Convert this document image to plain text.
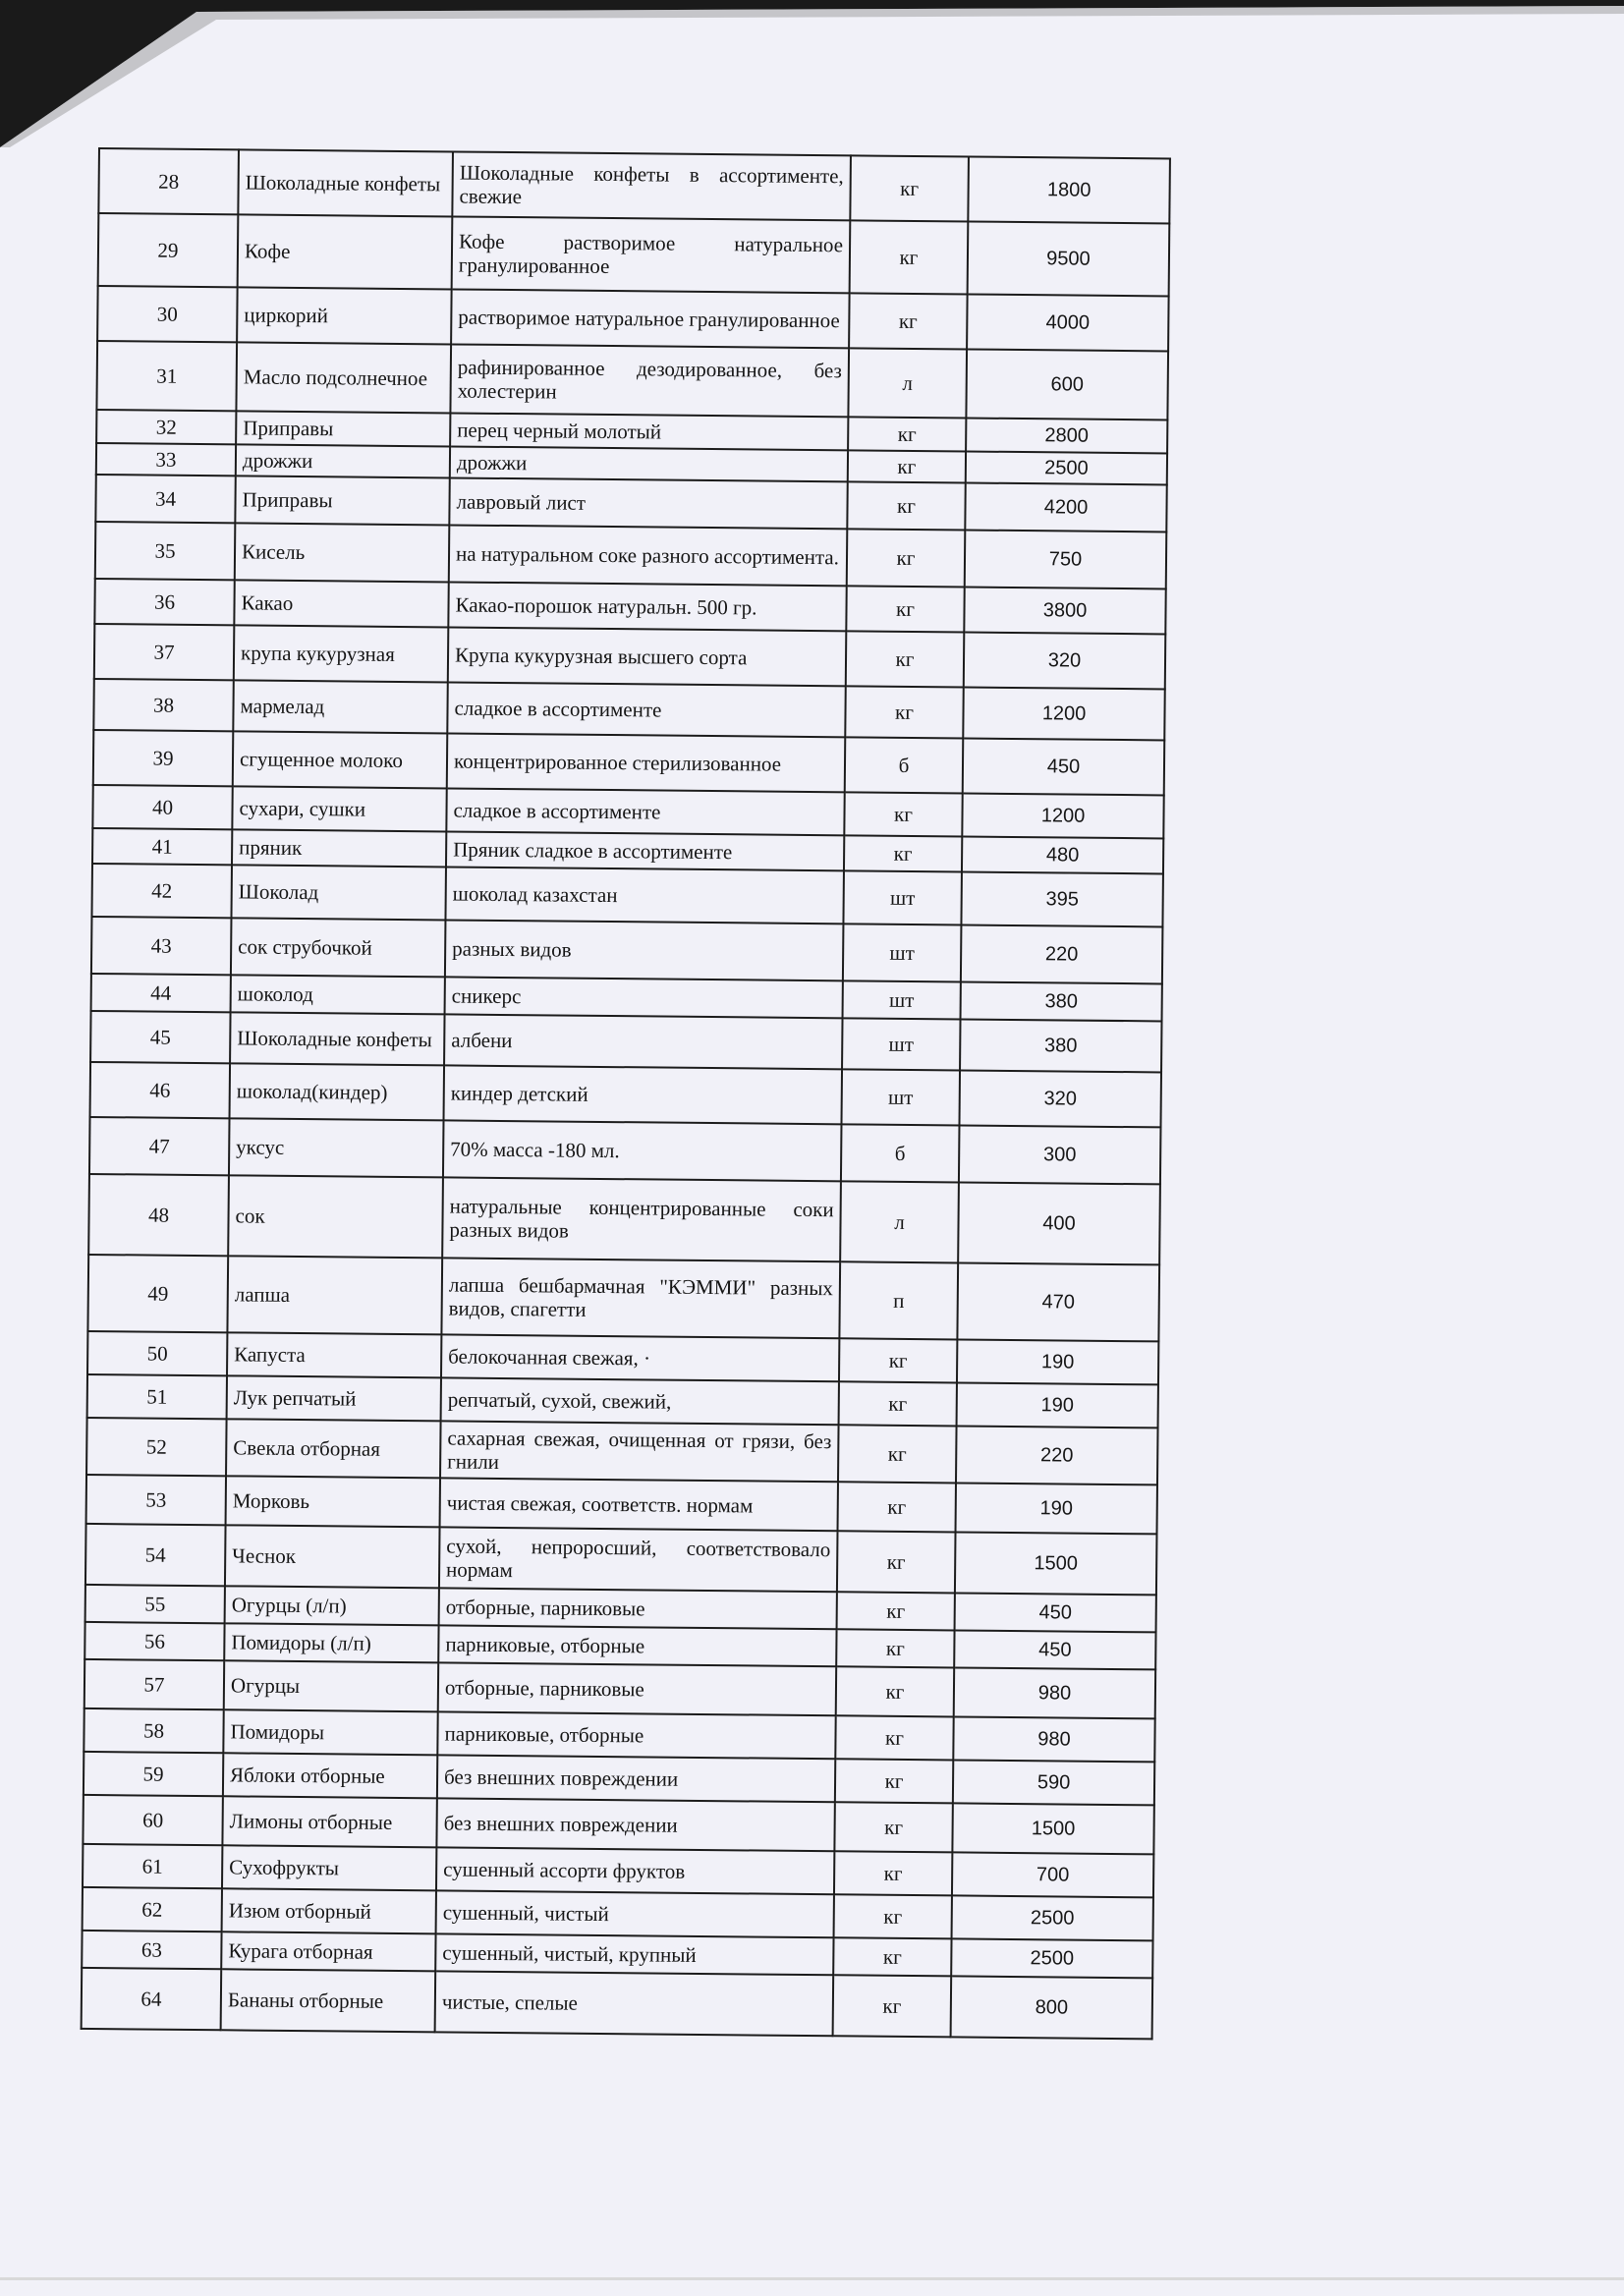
28	Шоколадные конфеты	Шоколадные конфеты в ассортименте, свежие	кг	1800
29	Кофе	Кофе растворимое натуральное гранулированное	кг	9500
30	циркорий	растворимое натуральное гранулированное	кг	4000
31	Масло подсолнечное	рафинированное дезодированное, без холестерин	л	600
32	Приправы	перец черный молотый	кг	2800
33	дрожжи	дрожжи	кг	2500
34	Приправы	лавровый лист	кг	4200
35	Кисель	на натуральном соке разного ассортимента.	кг	750
36	Какао	Какао-порошок натуральн. 500 гр.	кг	3800
37	крупа кукурузная	Крупа кукурузная высшего сорта	кг	320
38	мармелад	сладкое в ассортименте	кг	1200
39	сгущенное молоко	концентрированное стерилизованное	б	450
40	сухари, сушки	сладкое в ассортименте	кг	1200
41	пряник	Пряник сладкое в ассортименте	кг	480
42	Шоколад	шоколад казахстан	шт	395
43	сок струбочкой	разных видов	шт	220
44	шоколод	сникерс	шт	380
45	Шоколадные конфеты	албени	шт	380
46	шоколад(киндер)	киндер детский	шт	320
47	уксус	70% масса -180 мл.	б	300
48	сок	натуральные концентрированные соки разных видов	л	400
49	лапша	лапша бешбармачная "КЭММИ" разных видов, спагетти	п	470
50	Капуста	белокочанная свежая, ·	кг	190
51	Лук репчатый	репчатый, сухой, свежий,	кг	190
52	Свекла отборная	сахарная свежая, очищенная от грязи, без гнили	кг	220
53	Морковь	чистая свежая, соответств. нормам	кг	190
54	Чеснок	сухой, непроросший, соответствовало нормам	кг	1500
55	Огурцы (л/п)	отборные, парниковые	кг	450
56	Помидоры (л/п)	парниковые, отборные	кг	450
57	Огурцы	отборные, парниковые	кг	980
58	Помидоры	парниковые, отборные	кг	980
59	Яблоки отборные	без внешних повреждении	кг	590
60	Лимоны отборные	без внешних повреждении	кг	1500
61	Сухофрукты	сушенный ассорти фруктов	кг	700
62	Изюм отборный	сушенный, чистый	кг	2500
63	Курага отборная	сушенный, чистый, крупный	кг	2500
64	Бананы отборные	чистые, спелые	кг	800
